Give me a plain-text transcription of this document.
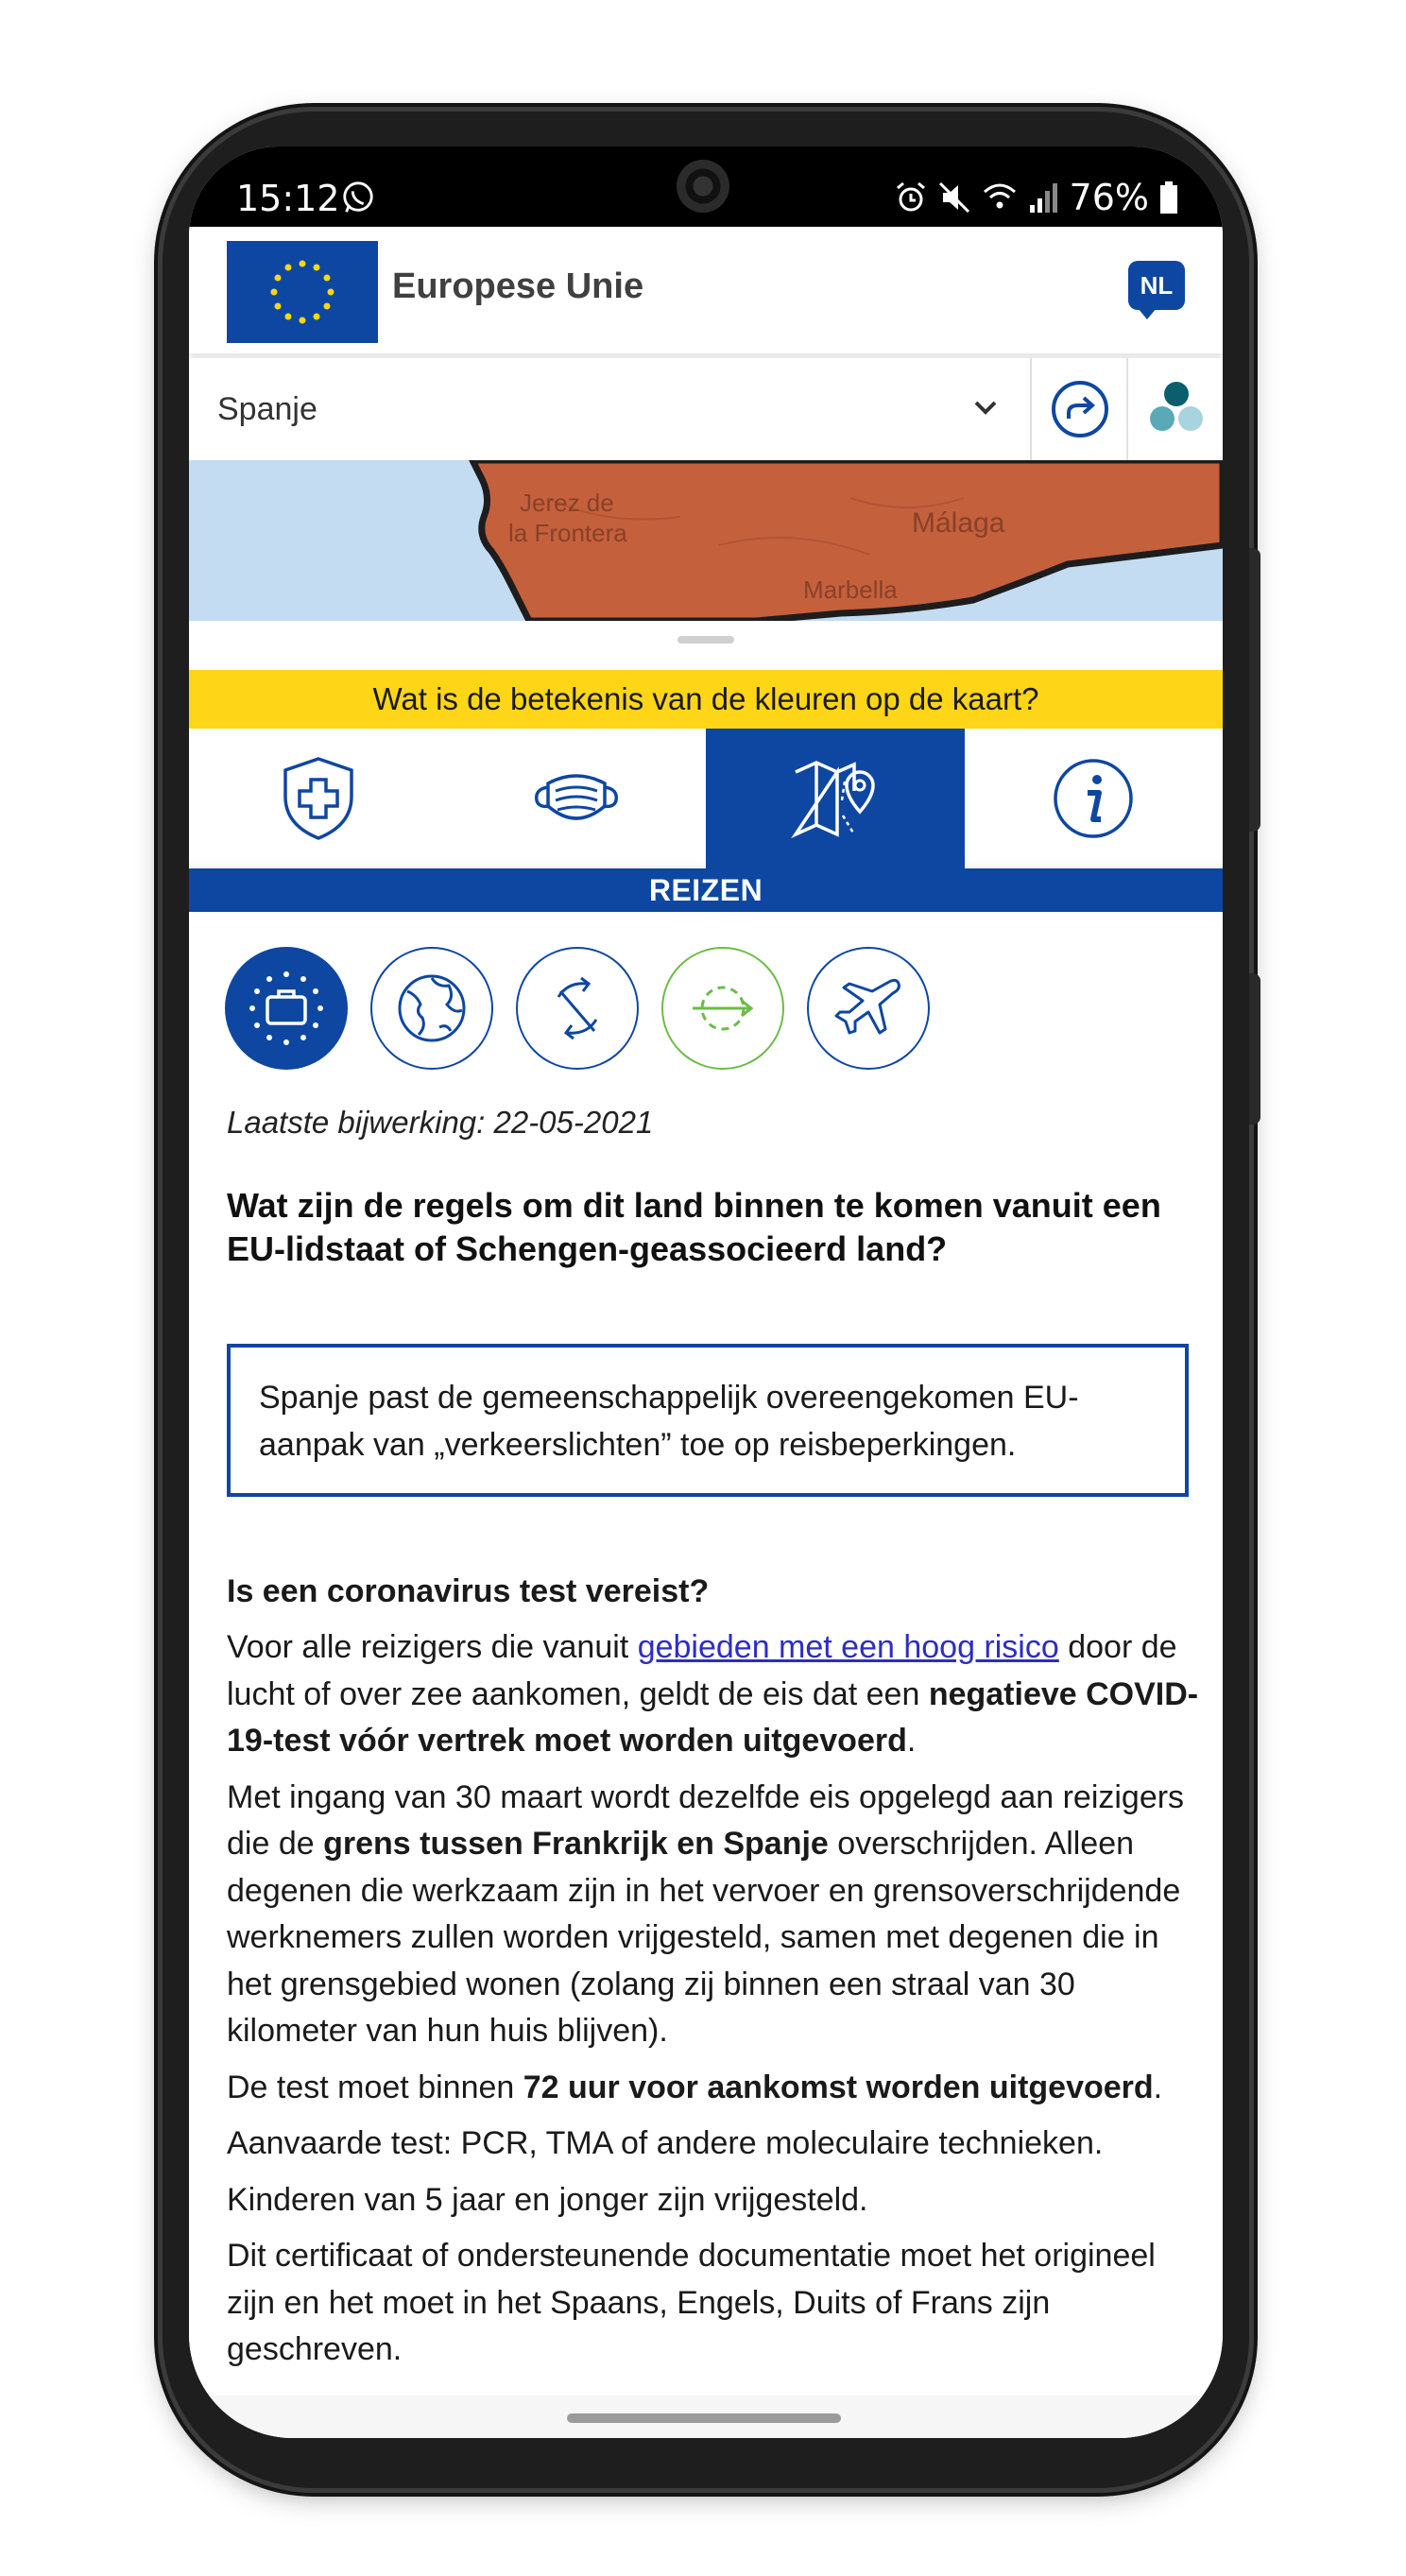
15:12	76%
Europese Unie	NL
Spanje
Jerez de
la Frontera	Málaga
Marbella
Wat is de betekenis van de kleuren op de kaart?
REIZEN
Laatste bijwerking: 22-05-2021
Wat zijn de regels om dit land binnen te komen vanuit een EU-lidstaat of Schengen-geassocieerd land?
Spanje past de gemeenschappelijk overeengekomen EU-aanpak van „verkeerslichten” toe op reisbeperkingen.
Is een coronavirus test vereist?

Voor alle reizigers die vanuit gebieden met een hoog risico door de lucht of over zee aankomen, geldt de eis dat een negatieve COVID-19-test vóór vertrek moet worden uitgevoerd.

Met ingang van 30 maart wordt dezelfde eis opgelegd aan reizigers die de grens tussen Frankrijk en Spanje overschrijden. Alleen degenen die werkzaam zijn in het vervoer en grensoverschrijdende werknemers zullen worden vrijgesteld, samen met degenen die in het grensgebied wonen (zolang zij binnen een straal van 30 kilometer van hun huis blijven).

De test moet binnen 72 uur voor aankomst worden uitgevoerd.

Aanvaarde test: PCR, TMA of andere moleculaire technieken.

Kinderen van 5 jaar en jonger zijn vrijgesteld.

Dit certificaat of ondersteunende documentatie moet het origineel zijn en het moet in het Spaans, Engels, Duits of Frans zijn geschreven.
